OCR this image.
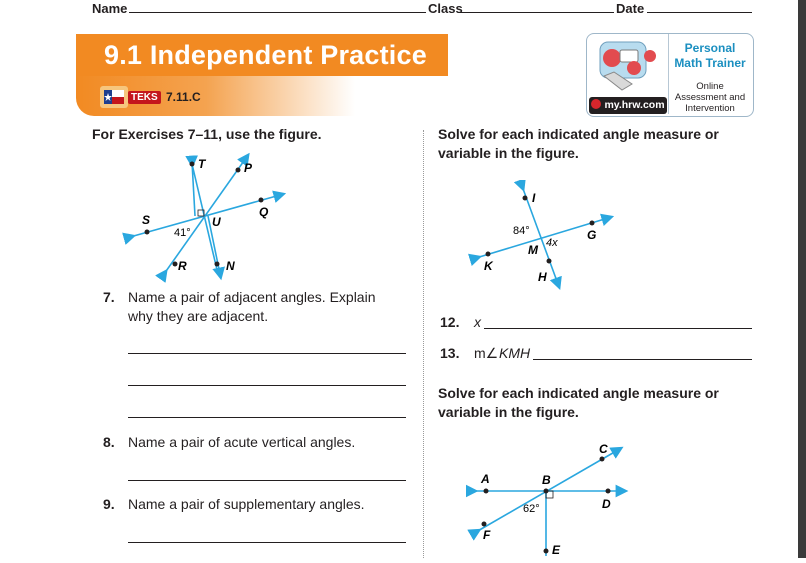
Name	Class	Date
9.1 Independent Practice
TEKS 7.11.C
my.hrw.com
Personal
Math Trainer
Online
Assessment and
Intervention
For Exercises 7–11, use the figure.
T	P
S	U
Q
R	N
41°
7. Name a pair of adjacent angles. Explain
why they are adjacent.
8. Name a pair of acute vertical angles.
9. Name a pair of supplementary angles.
Solve for each indicated angle measure or
variable in the figure.
I
K
M
G
H
84°
4x
12. x
13. m∠ KMH
Solve for each indicated angle measure or
variable in the figure.
A	B
C
D
E
F
62°
